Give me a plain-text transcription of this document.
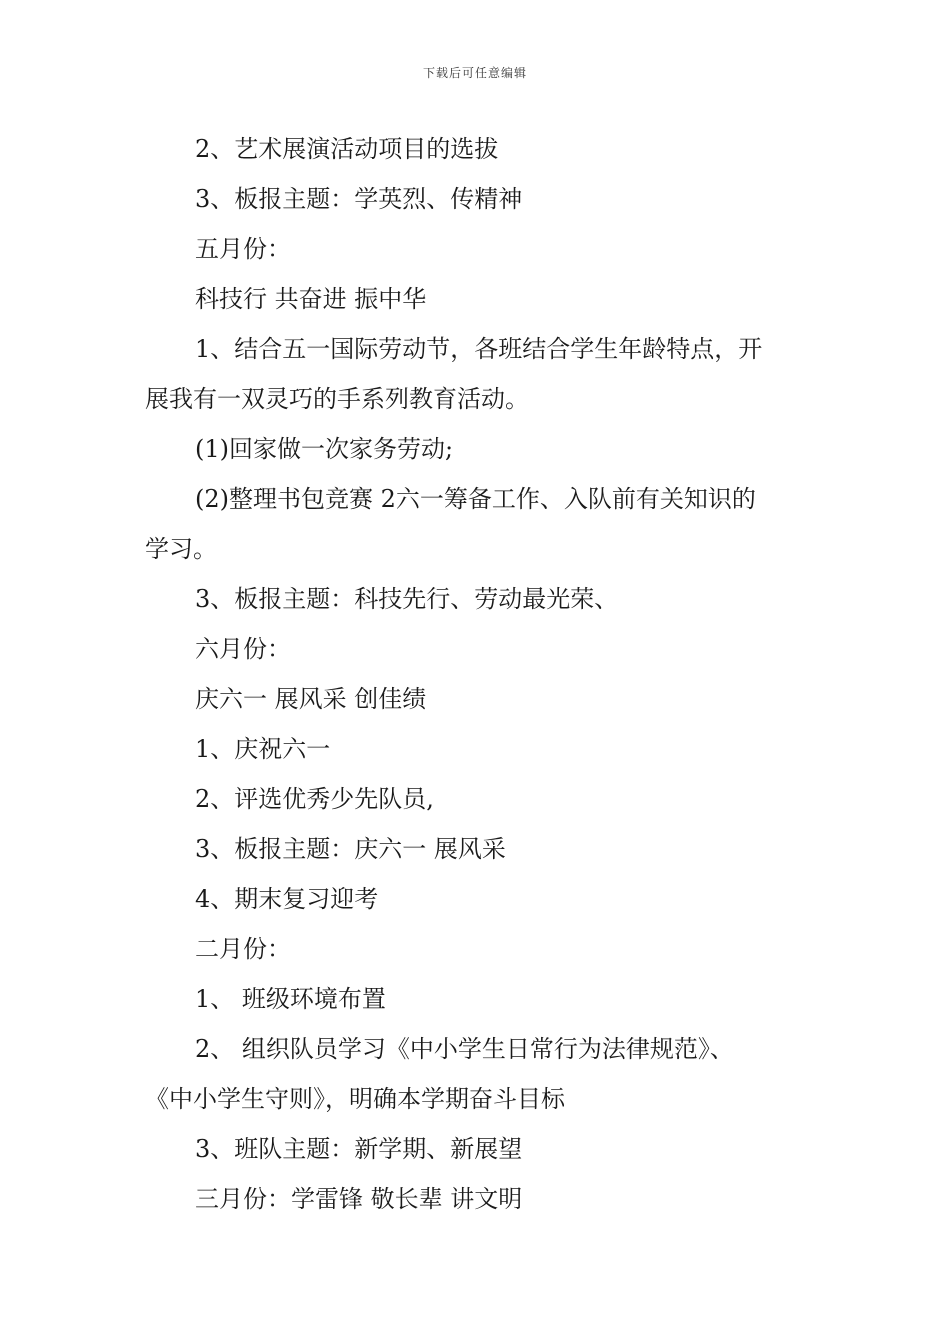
下载后可任意编辑
2、艺术展演活动项目的选拔
3、板报主题：学英烈、传精神
五月份：
科技行 共奋进 振中华
1、结合五一国际劳动节，各班结合学生年龄特点，开
展我有一双灵巧的手系列教育活动。
(1)回家做一次家务劳动;
(2)整理书包竞赛 2六一筹备工作、入队前有关知识的
学习。
3、板报主题：科技先行、劳动最光荣、
六月份：
庆六一 展风采 创佳绩
1、庆祝六一
2、评选优秀少先队员,
3、板报主题：庆六一 展风采
4、期末复习迎考
二月份：
1、 班级环境布置
2、 组织队员学习《中小学生日常行为法律规范》、
《中小学生守则》，明确本学期奋斗目标
3、班队主题：新学期、新展望
三月份：学雷锋 敬长辈 讲文明
